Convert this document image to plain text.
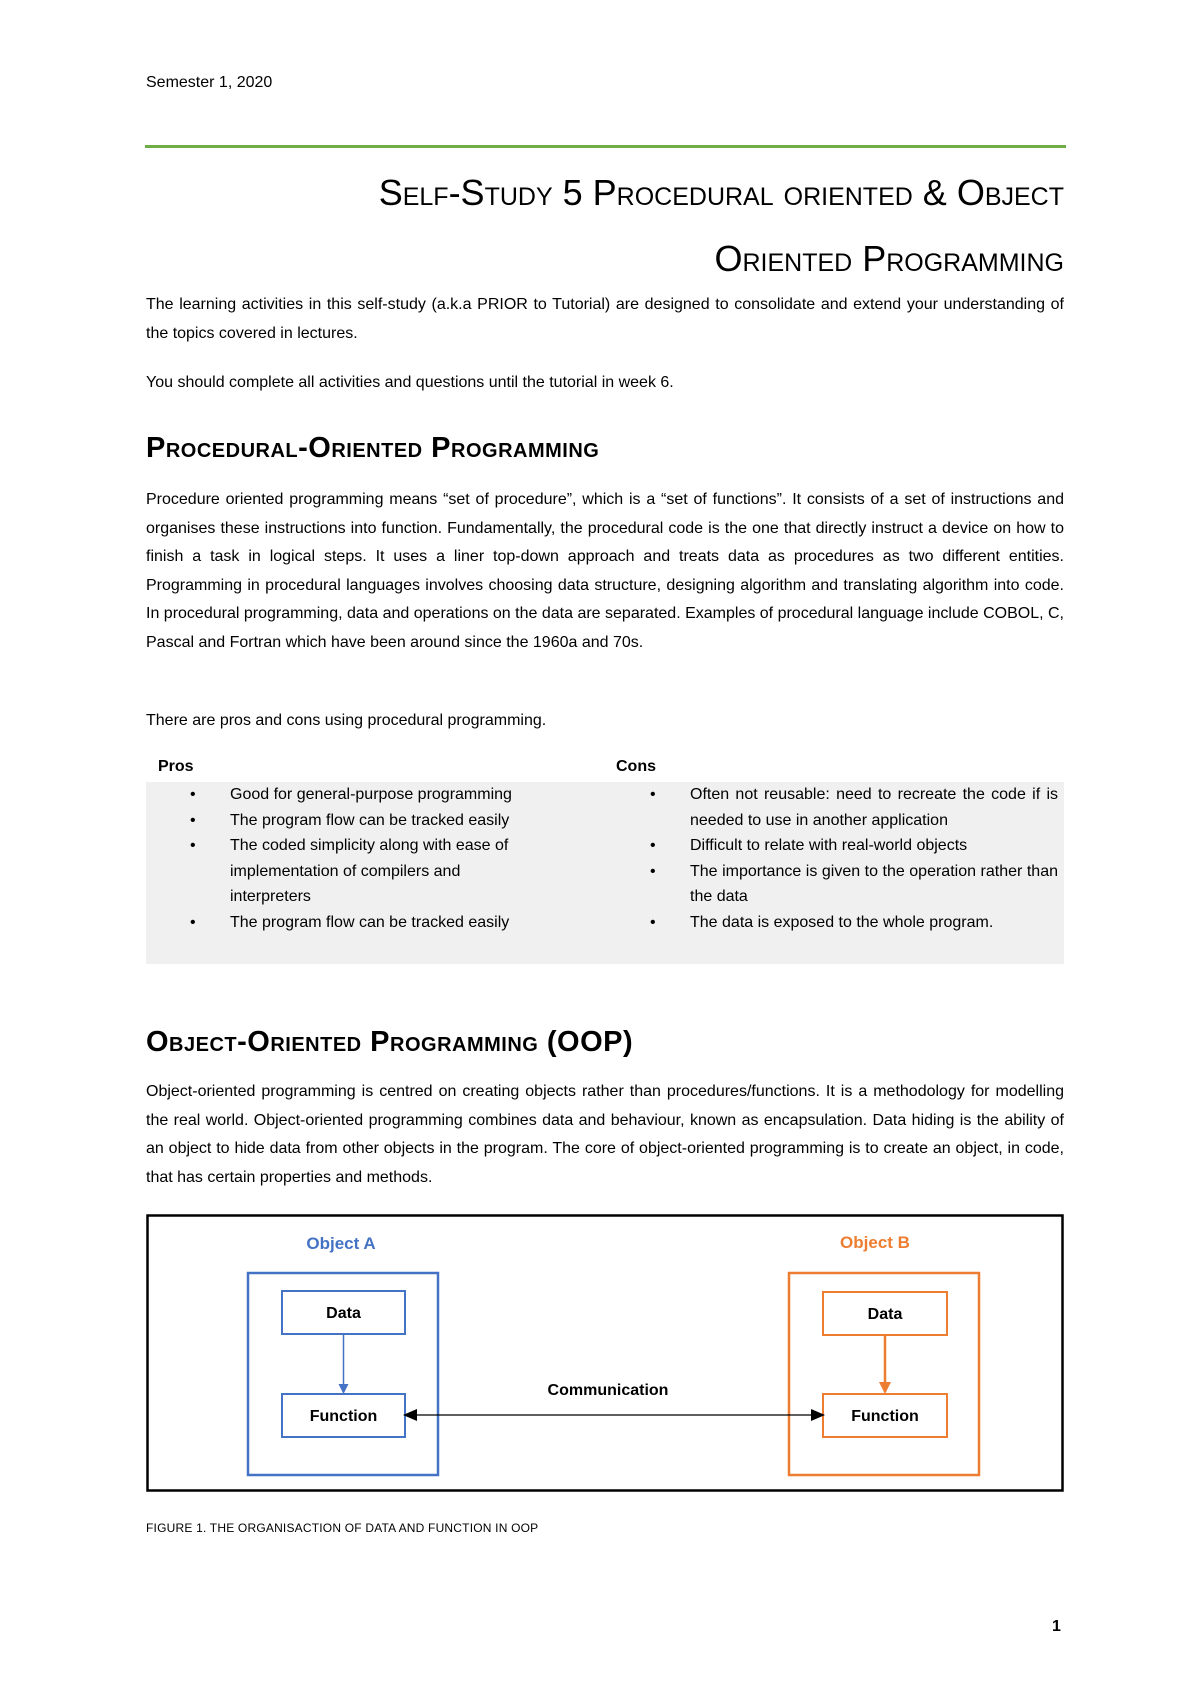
Semester 1, 2020
Self-Study 5 Procedural oriented & Object
Oriented Programming

The learning activities in this self-study (a.k.a PRIOR to Tutorial) are designed to consolidate and extend your understanding of the topics covered in lectures.

You should complete all activities and questions until the tutorial in week 6.

Procedural-Oriented Programming
Procedure oriented programming means “set of procedure”, which is a “set of functions”. It consists of a set of instructions and organises these instructions into function. Fundamentally, the procedural code is the one that directly instruct a device on how to finish a task in logical steps. It uses a liner top-down approach and treats data as procedures as two different entities. Programming in procedural languages involves choosing data structure, designing algorithm and translating algorithm into code. In procedural programming, data and operations on the data are separated. Examples of procedural language include COBOL, C, Pascal and Fortran which have been around since the 1960a and 70s.
There are pros and cons using procedural programming.
Pros	Cons
• Good for general-purpose programming
• The program flow can be tracked easily
• The coded simplicity along with ease of implementation of compilers and interpreters
• The program flow can be tracked easily
• Often not reusable: need to recreate the code if is needed to use in another application
• Difficult to relate with real-world objects
• The importance is given to the operation rather than the data
• The data is exposed to the whole program.
Object-Oriented Programming (OOP)
Object-oriented programming is centred on creating objects rather than procedures/functions. It is a methodology for modelling the real world. Object-oriented programming combines data and behaviour, known as encapsulation. Data hiding is the ability of an object to hide data from other objects in the program. The core of object-oriented programming is to create an object, in code, that has certain properties and methods.
Object A
Data
Function
Object B
Data
Function
Communication
FIGURE 1. THE ORGANISACTION OF DATA AND FUNCTION IN OOP
1
